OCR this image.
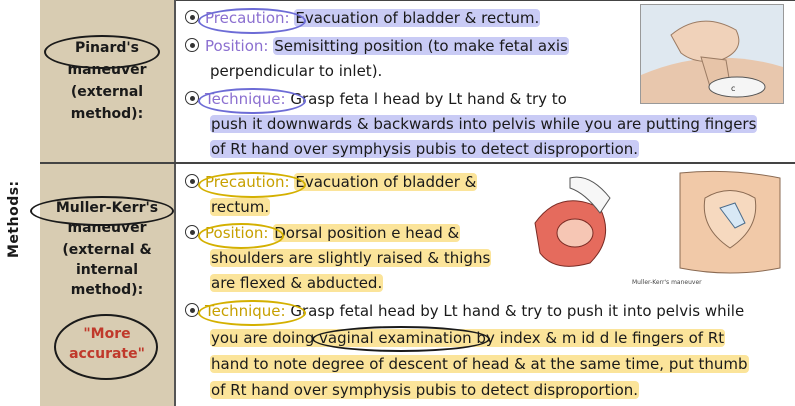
Methods:
Pinard's
maneuver
(external
method):
Muller-Kerr's
maneuver
(external &
internal
method):
"More
accurate"
Precaution: Evacuation of bladder & rectum.
Position: Semisitting position (to make fetal axis
perpendicular to inlet).
Technique: Grasp feta l head by Lt hand & try to
push it downwards & backwards into pelvis while you are putting fingers
of Rt hand over symphysis pubis to detect disproportion.
c
Precaution: Evacuation of bladder &
rectum.
Position: Dorsal position e head &
shoulders are slightly raised & thighs
are flexed & abducted.
Technique: Grasp fetal head by Lt hand & try to push it into pelvis while
you are doing vaginal examination by index & m id d le fingers of Rt
hand to note degree of descent of head & at the same time, put thumb
of Rt hand over symphysis pubis to detect disproportion.
Muller-Kerr's maneuver
